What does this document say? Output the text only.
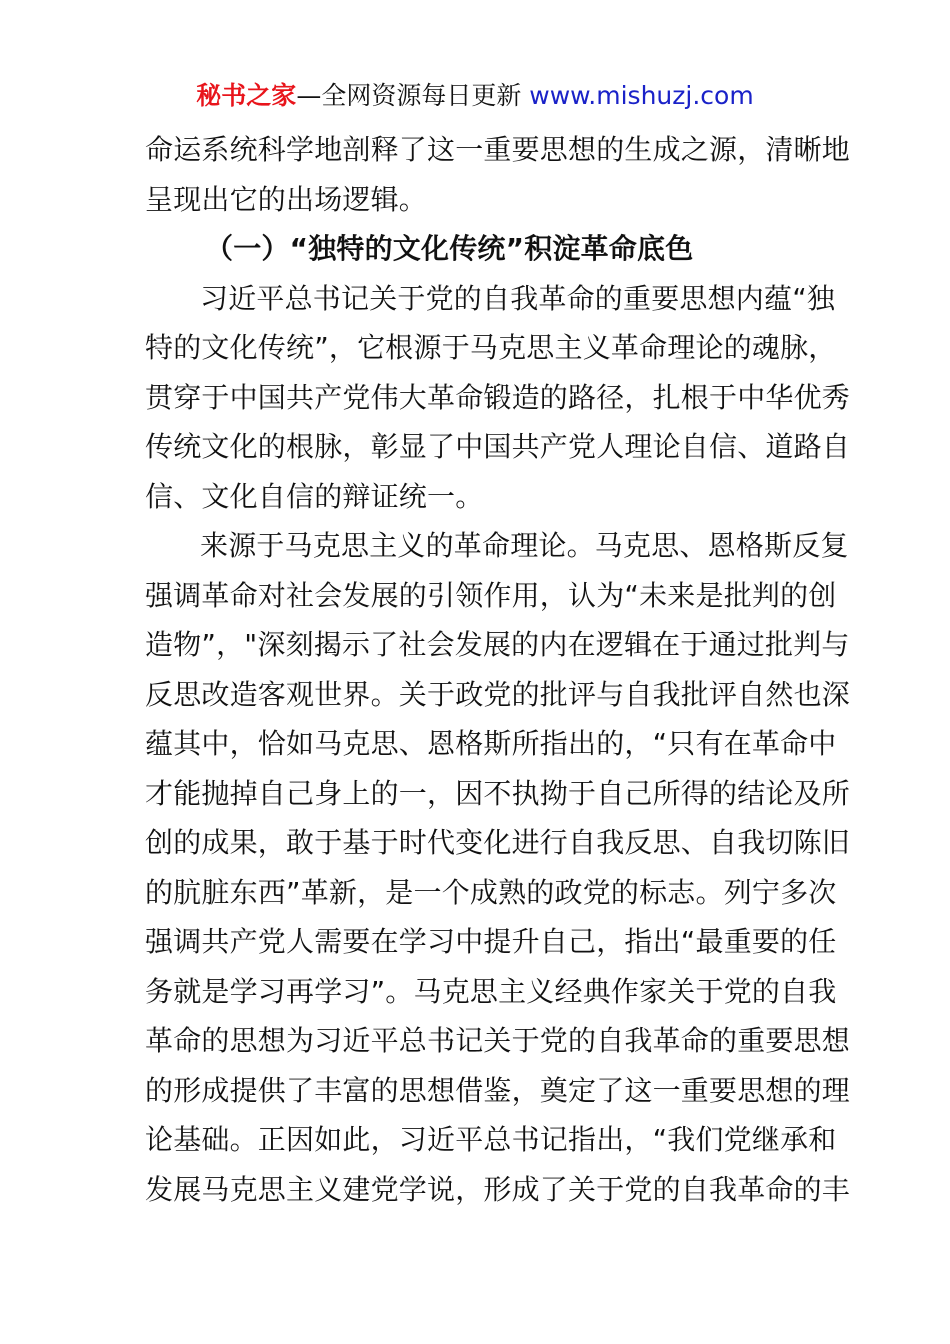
秘书之家—全网资源每日更新 www.mishuzj.com
命运系统科学地剖释了这一重要思想的生成之源，清晰地
呈现出它的出场逻辑。
（一）“独特的文化传统”积淀革命底色
习近平总书记关于党的自我革命的重要思想内蕴“独
特的文化传统”，它根源于马克思主义革命理论的魂脉，
贯穿于中国共产党伟大革命锻造的路径，扎根于中华优秀
传统文化的根脉，彰显了中国共产党人理论自信、道路自
信、文化自信的辩证统一。
来源于马克思主义的革命理论。马克思、恩格斯反复
强调革命对社会发展的引领作用，认为“未来是批判的创
造物”，"深刻揭示了社会发展的内在逻辑在于通过批判与
反思改造客观世界。关于政党的批评与自我批评自然也深
蕴其中，恰如马克思、恩格斯所指出的，“只有在革命中
才能抛掉自己身上的一，因不执拗于自己所得的结论及所
创的成果，敢于基于时代变化进行自我反思、自我切陈旧
的肮脏东西”革新，是一个成熟的政党的标志。列宁多次
强调共产党人需要在学习中提升自己，指出“最重要的任
务就是学习再学习”。马克思主义经典作家关于党的自我
革命的思想为习近平总书记关于党的自我革命的重要思想
的形成提供了丰富的思想借鉴，奠定了这一重要思想的理
论基础。正因如此，习近平总书记指出，“我们党继承和
发展马克思主义建党学说，形成了关于党的自我革命的丰
